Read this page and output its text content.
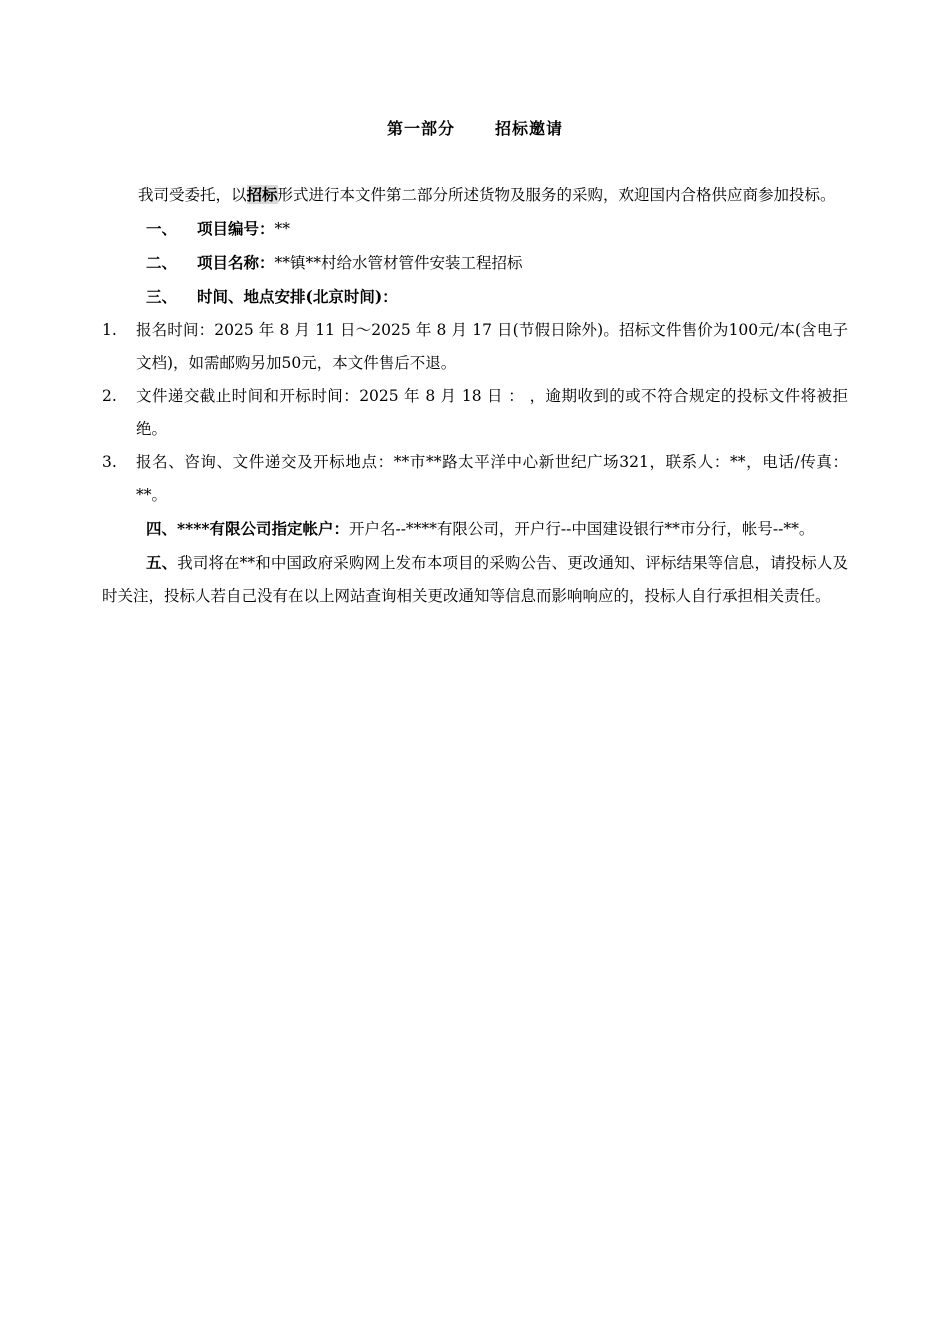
第一部分	招标邀请

我司受委托，以招标形式进行本文件第二部分所述货物及服务的采购，欢迎国内合格供应商参加投标。

一、 项目编号：**

二、 项目名称：**镇**村给水管材管件安装工程招标

三、 时间、地点安排(北京时间)：

1.	报名时间：2025 年 8 月 11 日～2025 年 8 月 17 日(节假日除外)。招标文件售价为100元/本(含电子文档)，如需邮购另加50元，本文件售后不退。
2.	文件递交截止时间和开标时间：2025 年 8 月 18 日 ： ，逾期收到的或不符合规定的投标文件将被拒绝。
3.	报名、咨询、文件递交及开标地点：**市**路太平洋中心新世纪广场321，联系人：**，电话/传真：**。

四、****有限公司指定帐户：开户名--****有限公司，开户行--中国建设银行**市分行，帐号--**。

五、我司将在**和中国政府采购网上发布本项目的采购公告、更改通知、评标结果等信息，请投标人及时关注，投标人若自己没有在以上网站查询相关更改通知等信息而影响响应的，投标人自行承担相关责任。
